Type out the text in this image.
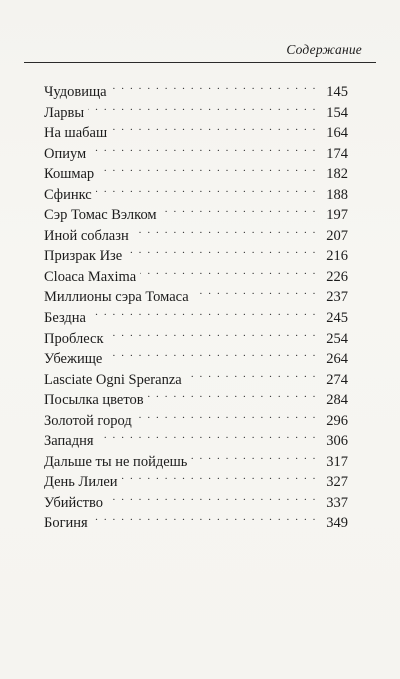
Содержание
Чудовища . . .	145
Ларвы . . .	154
На шабаш . . .	164
Опиум . . .	174
Кошмар . . .	182
Сфинкс . . .	188
Сэр Томас Вэлком . . .	197
Иной соблазн . . .	207
Призрак Изе . . .	216
Cloaca Maxima . . .	226
Миллионы сэра Томаса . . .	237
Бездна . . .	245
Проблеск . . .	254
Убежище . . .	264
Lasciate Ogni Speranza . . .	274
Посылка цветов . . .	284
Золотой город . . .	296
Западня . . .	306
Дальше ты не пойдешь . . .	317
День Лилеи . . .	327
Убийство . . .	337
Богиня . . .	349
